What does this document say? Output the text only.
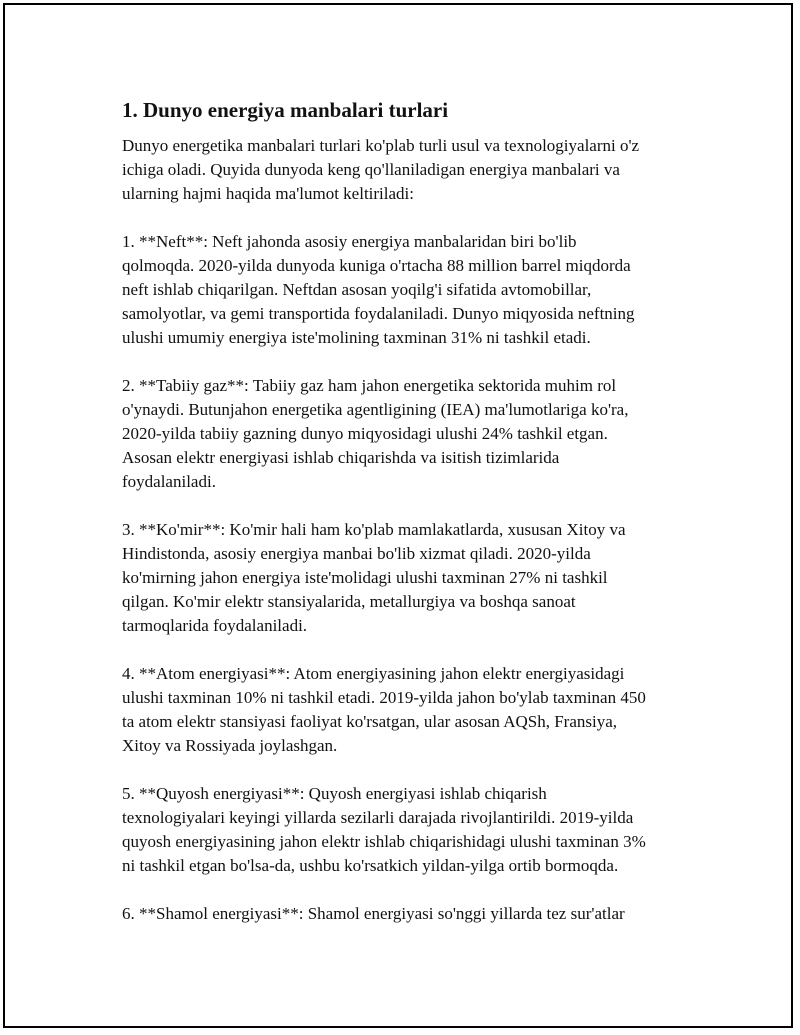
1. Dunyo energiya manbalari turlari

Dunyo energetika manbalari turlari ko'plab turli usul va texnologiyalarni o'z
ichiga oladi. Quyida dunyoda keng qo'llaniladigan energiya manbalari va
ularning hajmi haqida ma'lumot keltiriladi:

1. **Neft**: Neft jahonda asosiy energiya manbalaridan biri bo'lib
qolmoqda. 2020-yilda dunyoda kuniga o'rtacha 88 million barrel miqdorda
neft ishlab chiqarilgan. Neftdan asosan yoqilg'i sifatida avtomobillar,
samolyotlar, va gemi transportida foydalaniladi. Dunyo miqyosida neftning
ulushi umumiy energiya iste'molining taxminan 31% ni tashkil etadi.

2. **Tabiiy gaz**: Tabiiy gaz ham jahon energetika sektorida muhim rol
o'ynaydi. Butunjahon energetika agentligining (IEA) ma'lumotlariga ko'ra,
2020-yilda tabiiy gazning dunyo miqyosidagi ulushi 24% tashkil etgan.
Asosan elektr energiyasi ishlab chiqarishda va isitish tizimlarida
foydalaniladi.

3. **Ko'mir**: Ko'mir hali ham ko'plab mamlakatlarda, xususan Xitoy va
Hindistonda, asosiy energiya manbai bo'lib xizmat qiladi. 2020-yilda
ko'mirning jahon energiya iste'molidagi ulushi taxminan 27% ni tashkil
qilgan. Ko'mir elektr stansiyalarida, metallurgiya va boshqa sanoat
tarmoqlarida foydalaniladi.

4. **Atom energiyasi**: Atom energiyasining jahon elektr energiyasidagi
ulushi taxminan 10% ni tashkil etadi. 2019-yilda jahon bo'ylab taxminan 450
ta atom elektr stansiyasi faoliyat ko'rsatgan, ular asosan AQSh, Fransiya,
Xitoy va Rossiyada joylashgan.

5. **Quyosh energiyasi**: Quyosh energiyasi ishlab chiqarish
texnologiyalari keyingi yillarda sezilarli darajada rivojlantirildi. 2019-yilda
quyosh energiyasining jahon elektr ishlab chiqarishidagi ulushi taxminan 3%
ni tashkil etgan bo'lsa-da, ushbu ko'rsatkich yildan-yilga ortib bormoqda.

6. **Shamol energiyasi**: Shamol energiyasi so'nggi yillarda tez sur'atlar
